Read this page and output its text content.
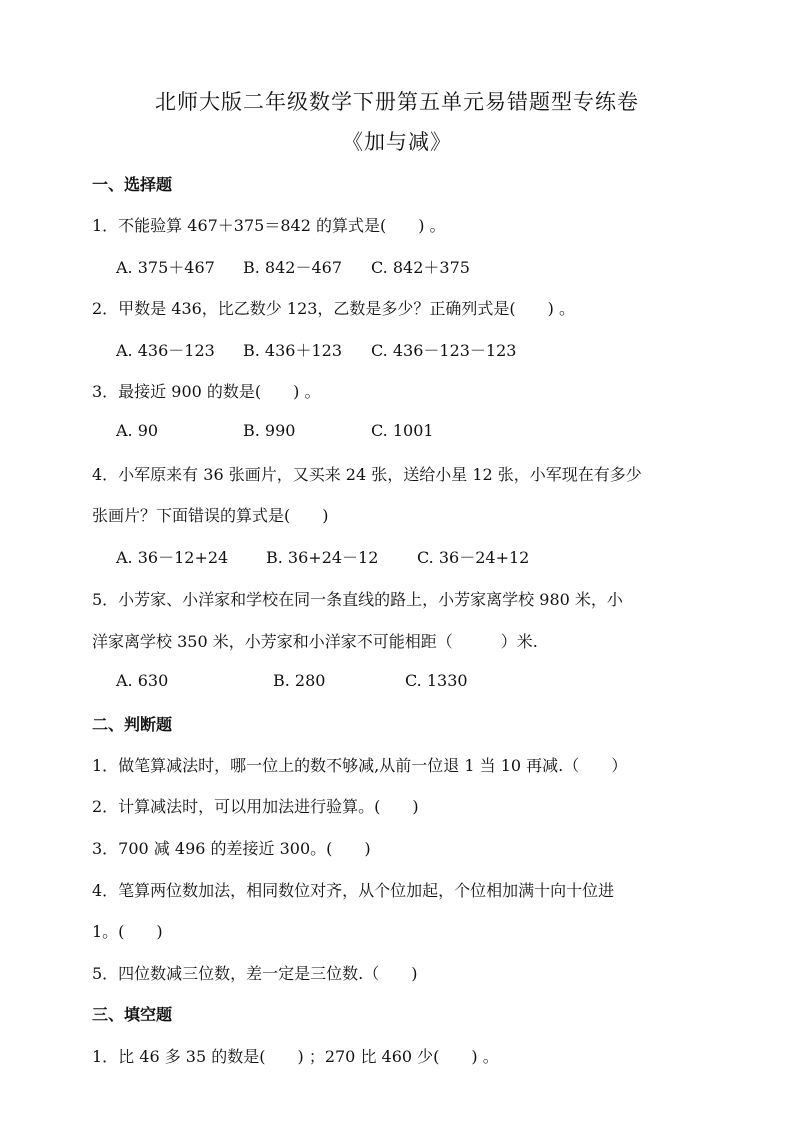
北师大版二年级数学下册第五单元易错题型专练卷
《加与减》
一、选择题
1．不能验算 467＋375＝842 的算式是(　　) 。
A. 375＋467 B. 842－467 C. 842＋375
2．甲数是 436，比乙数少 123，乙数是多少？正确列式是(　　) 。
A. 436－123 B. 436＋123 C. 436－123－123
3．最接近 900 的数是(　　) 。
A. 90	B. 990	C. 1001
4．小军原来有 36 张画片，又买来 24 张，送给小星 12 张，小军现在有多少
张画片？下面错误的算式是(　　)
A. 36－12+24 B. 36+24－12 C. 36－24+12
5．小芳家、小洋家和学校在同一条直线的路上，小芳家离学校 980 米，小
洋家离学校 350 米，小芳家和小洋家不可能相距（　　　）米.
A. 630	B. 280	C. 1330
二、判断题
1．做笔算减法时，哪一位上的数不够减,从前一位退 1 当 10 再减.（　　）
2．计算减法时，可以用加法进行验算。(　　)
3．700 减 496 的差接近 300。(　　)
4．笔算两位数加法，相同数位对齐，从个位加起，个位相加满十向十位进
1。(　　)
5．四位数减三位数，差一定是三位数.（　　)
三、填空题
1．比 46 多 35 的数是(　　) ；270 比 460 少(　　) 。
